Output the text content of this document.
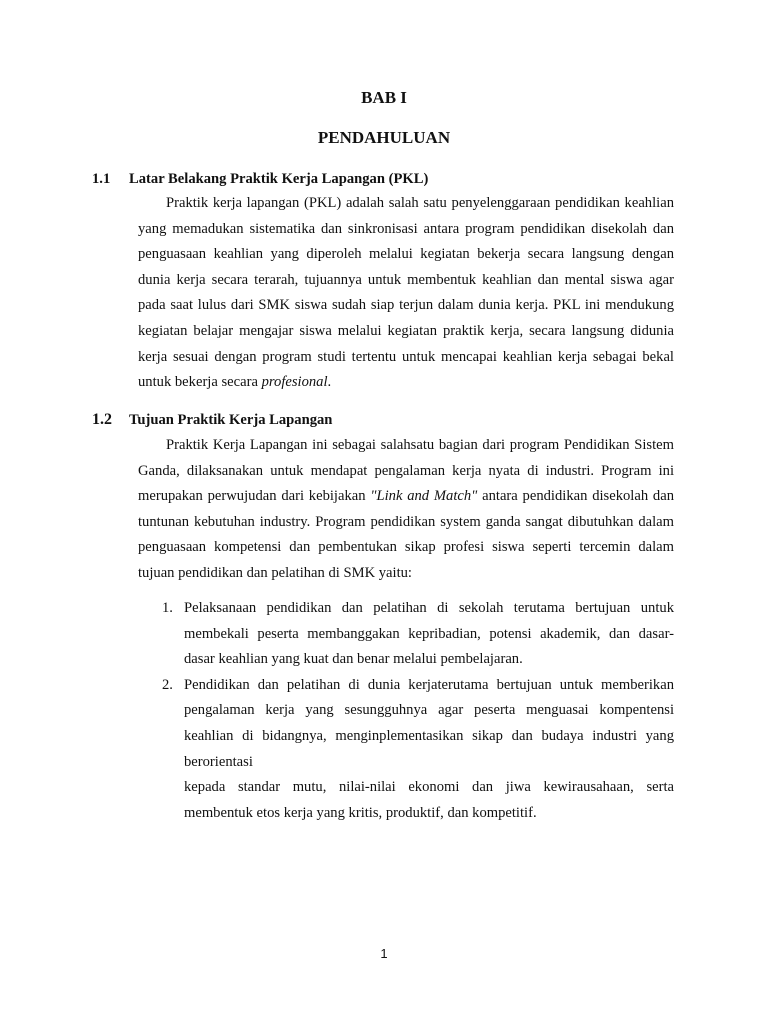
BAB I
PENDAHULUAN
1.1 Latar Belakang Praktik Kerja Lapangan (PKL)

Praktik kerja lapangan (PKL) adalah salah satu penyelenggaraan pendidikan keahlian yang memadukan sistematika dan sinkronisasi antara program pendidikan disekolah dan penguasaan keahlian yang diperoleh melalui kegiatan bekerja secara langsung dengan dunia kerja secara terarah, tujuannya untuk membentuk keahlian dan mental siswa agar pada saat lulus dari SMK siswa sudah siap terjun dalam dunia kerja. PKL ini mendukung kegiatan belajar mengajar siswa melalui kegiatan praktik kerja, secara langsung didunia kerja sesuai dengan program studi tertentu untuk mencapai keahlian kerja sebagai bekal untuk bekerja secara profesional.

1.2 Tujuan Praktik Kerja Lapangan

Praktik Kerja Lapangan ini sebagai salahsatu bagian dari program Pendidikan Sistem Ganda, dilaksanakan untuk mendapat pengalaman kerja nyata di industri. Program ini merupakan perwujudan dari kebijakan "Link and Match" antara pendidikan disekolah dan tuntunan kebutuhan industry. Program pendidikan system ganda sangat dibutuhkan dalam penguasaan kompetensi dan pembentukan sikap profesi siswa seperti tercemin dalam tujuan pendidikan dan pelatihan di SMK yaitu:

1. Pelaksanaan pendidikan dan pelatihan di sekolah terutama bertujuan untuk
membekali peserta membanggakan kepribadian, potensi akademik, dan dasar-
dasar keahlian yang kuat dan benar melalui pembelajaran.
2. Pendidikan dan pelatihan di dunia kerjaterutama bertujuan untuk memberikan
pengalaman kerja yang sesungguhnya agar peserta menguasai kompentensi
keahlian di bidangnya, menginplementasikan sikap dan budaya industri yang
berorientasi
kepada standar mutu, nilai-nilai ekonomi dan jiwa kewirausahaan, serta
membentuk etos kerja yang kritis, produktif, dan kompetitif.
1
